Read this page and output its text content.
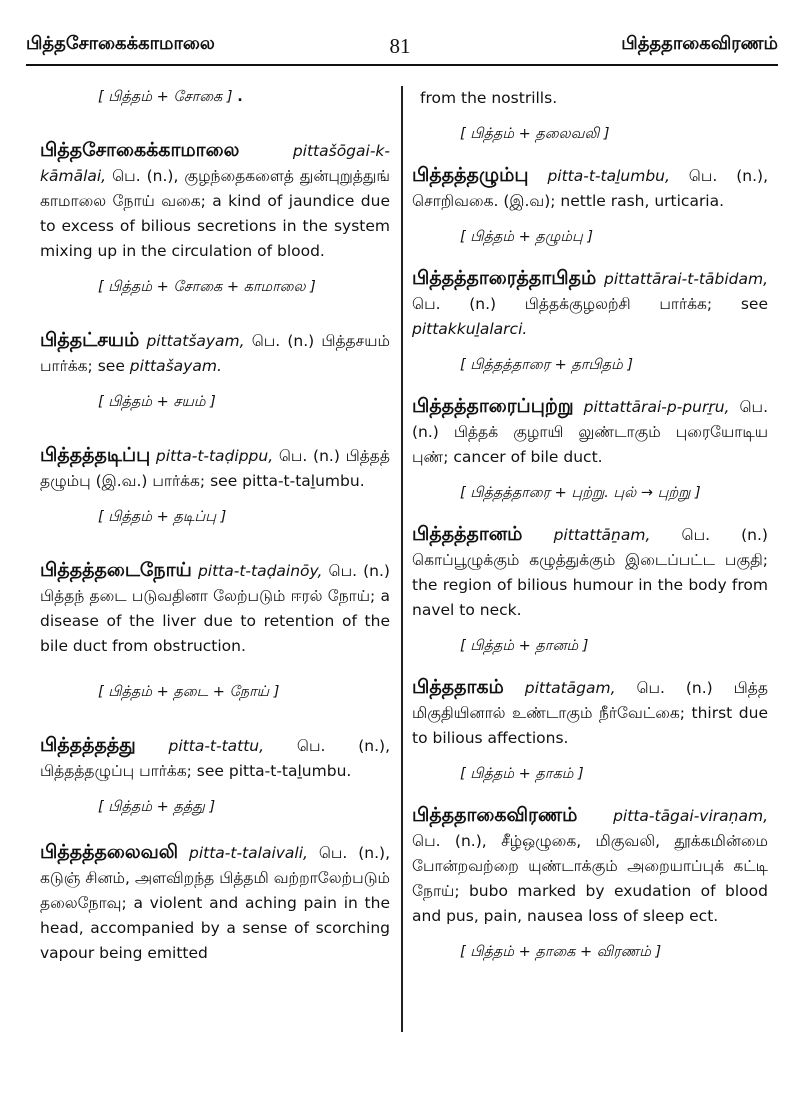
பித்தசோகைக்காமாலை	81	பித்ததாகைவிரணம்
[ பித்தம் + சோகை ] .
பித்தசோகைக்காமாலை	pittašōgai-k-kāmālai, பெ. (n.), குழந்தைகளைத் துன்புறுத்துங் காமாலை நோய் வகை; a kind of jaundice due to excess of bilious secretions in the system mixing up in the circulation of blood.
[ பித்தம் + சோகை + காமாலை ]
பித்தட்சயம் pittatšayam, பெ. (n.) பித்தசயம் பார்க்க; see pittašayam.
[ பித்தம் + சயம் ]
பித்தத்தடிப்பு pitta-t-taḍippu, பெ. (n.) பித்தத் தழும்பு (இ.வ.) பார்க்க; see pitta-t-taḻumbu.
[ பித்தம் + தடிப்பு ]
பித்தத்தடைநோய் pitta-t-taḍainōy, பெ. (n.) பித்தந் தடை படுவதினா லேற்படும் ஈரல் நோய்; a disease of the liver due to retention of the bile duct from obstruction.
[ பித்தம் + தடை + நோய் ]
பித்தத்தத்து pitta-t-tattu, பெ. (n.), பித்தத்தழுப்பு பார்க்க; see pitta-t-taḻumbu.
[ பித்தம் + தத்து ]
பித்தத்தலைவலி pitta-t-talaivali, பெ. (n.), கடுஞ் சினம், அளவிறந்த பித்தமி வற்றாலேற்படும் தலைநோவு; a violent and aching pain in the head, accompanied by a sense of scorching vapour being emitted
from the nostrills.
[ பித்தம் + தலைவலி ]
பித்தத்தழும்பு pitta-t-taḻumbu, பெ. (n.), சொறிவகை. (இ.வ); nettle rash, urticaria.
[ பித்தம் + தழும்பு ]
பித்தத்தாரைத்தாபிதம் pittattārai-t-tābidam, பெ. (n.) பித்தக்குழலற்சி பார்க்க; see pittakkuḻalarci.
[ பித்தத்தாரை + தாபிதம் ]
பித்தத்தாரைப்புற்று pittattārai-p-purṟu, பெ. (n.) பித்தக் குழாயி லுண்டாகும் புரையோடிய புண்; cancer of bile duct.
[ பித்தத்தாரை + புற்று. புல் → புற்று ]
பித்தத்தானம் pittattāṉam, பெ. (n.) கொப்பூழுக்கும் கழுத்துக்கும் இடைப்பட்ட பகுதி; the region of bilious humour in the body from navel to neck.
[ பித்தம் + தானம் ]
பித்ததாகம் pittatāgam, பெ. (n.) பித்த மிகுதியினால் உண்டாகும் நீர்வேட்கை; thirst due to bilious affections.
[ பித்தம் + தாகம் ]
பித்ததாகைவிரணம் pitta-tāgai-viraṇam, பெ. (n.), சீழ்ஒழுகை, மிகுவலி, தூக்கமின்மை போன்றவற்றை யுண்டாக்கும் அறையாப்புக் கட்டி நோய்; bubo marked by exudation of blood and pus, pain, nausea loss of sleep ect.
[ பித்தம் + தாகை + விரணம் ]
